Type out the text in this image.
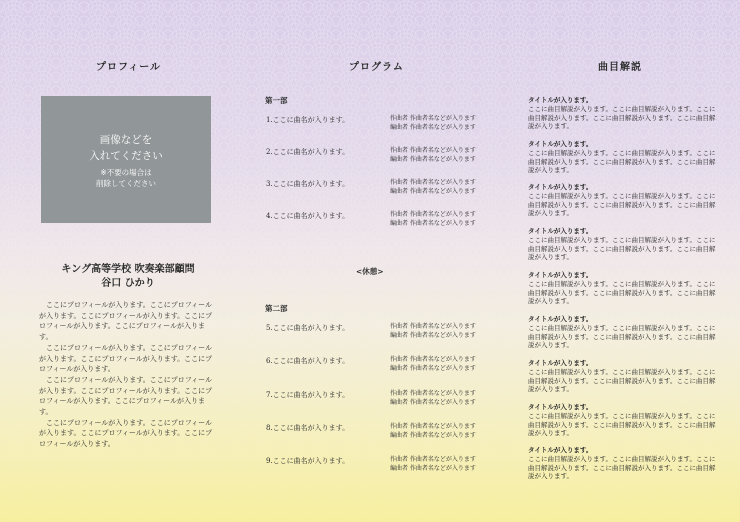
プロフィール
画像などを
入れてください
※不要の場合は
削除してください
キング高等学校 吹奏楽部顧問
谷口 ひかり

ここにプロフィールが入ります。ここにプロフィールが入ります。ここにプロフィールが入ります。ここにプロフィールが入ります。ここにプロフィールが入ります。

ここにプロフィールが入ります。ここにプロフィールが入ります。ここにプロフィールが入ります。ここにプロフィールが入ります。

ここにプロフィールが入ります。ここにプロフィールが入ります。ここにプロフィールが入ります。ここにプロフィールが入ります。ここにプロフィールが入ります。

ここにプロフィールが入ります。ここにプロフィールが入ります。ここにプロフィールが入ります。ここにプロフィールが入ります。

プログラム
第一部
1.ここに曲名が入ります。	作曲者 作曲者名などが入ります
編曲者 作曲者名などが入ります
2.ここに曲名が入ります。	作曲者 作曲者名などが入ります
編曲者 作曲者名などが入ります
3.ここに曲名が入ります。	作曲者 作曲者名などが入ります
編曲者 作曲者名などが入ります
4.ここに曲名が入ります。	作曲者 作曲者名などが入ります
編曲者 作曲者名などが入ります
<休憩>
第二部
5.ここに曲名が入ります。	作曲者 作曲者名などが入ります
編曲者 作曲者名などが入ります
6.ここに曲名が入ります。	作曲者 作曲者名などが入ります
編曲者 作曲者名などが入ります
7.ここに曲名が入ります。	作曲者 作曲者名などが入ります
編曲者 作曲者名などが入ります
8.ここに曲名が入ります。	作曲者 作曲者名などが入ります
編曲者 作曲者名などが入ります
9.ここに曲名が入ります。	作曲者 作曲者名などが入ります
編曲者 作曲者名などが入ります
曲目解説
タイトルが入ります。
ここに曲目解説が入ります。ここに曲目解説が入ります。ここに曲目解説が入ります。ここに曲目解説が入ります。ここに曲目解説が入ります。
タイトルが入ります。
ここに曲目解説が入ります。ここに曲目解説が入ります。ここに曲目解説が入ります。ここに曲目解説が入ります。ここに曲目解説が入ります。
タイトルが入ります。
ここに曲目解説が入ります。ここに曲目解説が入ります。ここに曲目解説が入ります。ここに曲目解説が入ります。ここに曲目解説が入ります。
タイトルが入ります。
ここに曲目解説が入ります。ここに曲目解説が入ります。ここに曲目解説が入ります。ここに曲目解説が入ります。ここに曲目解説が入ります。
タイトルが入ります。
ここに曲目解説が入ります。ここに曲目解説が入ります。ここに曲目解説が入ります。ここに曲目解説が入ります。ここに曲目解説が入ります。
タイトルが入ります。
ここに曲目解説が入ります。ここに曲目解説が入ります。ここに曲目解説が入ります。ここに曲目解説が入ります。ここに曲目解説が入ります。
タイトルが入ります。
ここに曲目解説が入ります。ここに曲目解説が入ります。ここに曲目解説が入ります。ここに曲目解説が入ります。ここに曲目解説が入ります。
タイトルが入ります。
ここに曲目解説が入ります。ここに曲目解説が入ります。ここに曲目解説が入ります。ここに曲目解説が入ります。ここに曲目解説が入ります。
タイトルが入ります。
ここに曲目解説が入ります。ここに曲目解説が入ります。ここに曲目解説が入ります。ここに曲目解説が入ります。ここに曲目解説が入ります。
